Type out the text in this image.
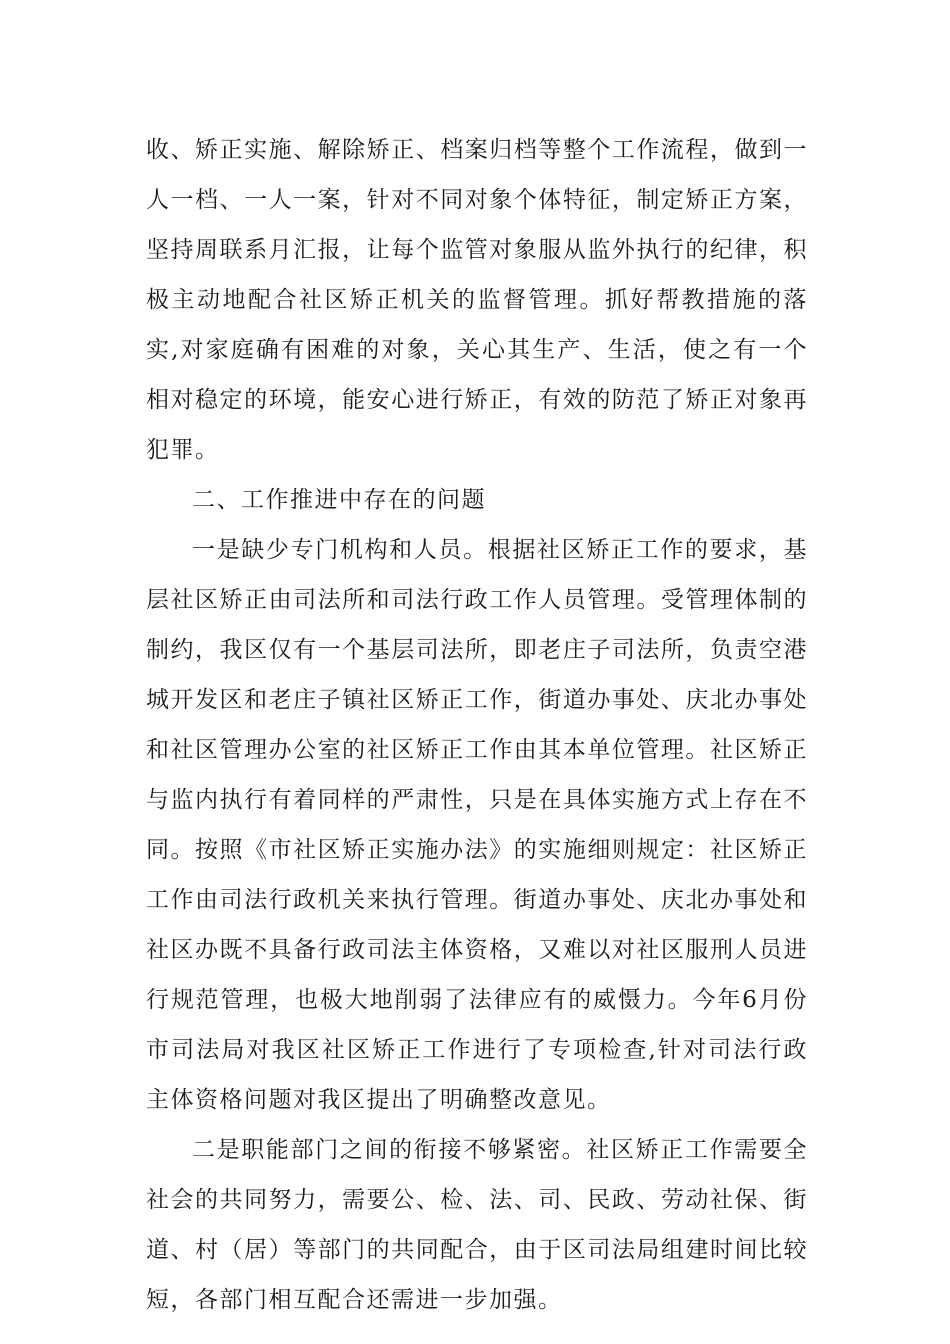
收、矫正实施、解除矫正、档案归档等整个工作流程，做到一人一档、一人一案，针对不同对象个体特征，制定矫正方案，坚持周联系月汇报，让每个监管对象服从监外执行的纪律，积极主动地配合社区矫正机关的监督管理。抓好帮教措施的落实,对家庭确有困难的对象，关心其生产、生活，使之有一个相对稳定的环境，能安心进行矫正，有效的防范了矫正对象再犯罪。

二、工作推进中存在的问题

一是缺少专门机构和人员。根据社区矫正工作的要求，基层社区矫正由司法所和司法行政工作人员管理。受管理体制的制约，我区仅有一个基层司法所，即老庄子司法所，负责空港城开发区和老庄子镇社区矫正工作，街道办事处、庆北办事处和社区管理办公室的社区矫正工作由其本单位管理。社区矫正与监内执行有着同样的严肃性，只是在具体实施方式上存在不同。按照《市社区矫正实施办法》的实施细则规定：社区矫正工作由司法行政机关来执行管理。街道办事处、庆北办事处和社区办既不具备行政司法主体资格，又难以对社区服刑人员进行规范管理，也极大地削弱了法律应有的威慑力。今年6月份市司法局对我区社区矫正工作进行了专项检查,针对司法行政主体资格问题对我区提出了明确整改意见。

二是职能部门之间的衔接不够紧密。社区矫正工作需要全社会的共同努力，需要公、检、法、司、民政、劳动社保、街道、村（居）等部门的共同配合，由于区司法局组建时间比较短，各部门相互配合还需进一步加强。
